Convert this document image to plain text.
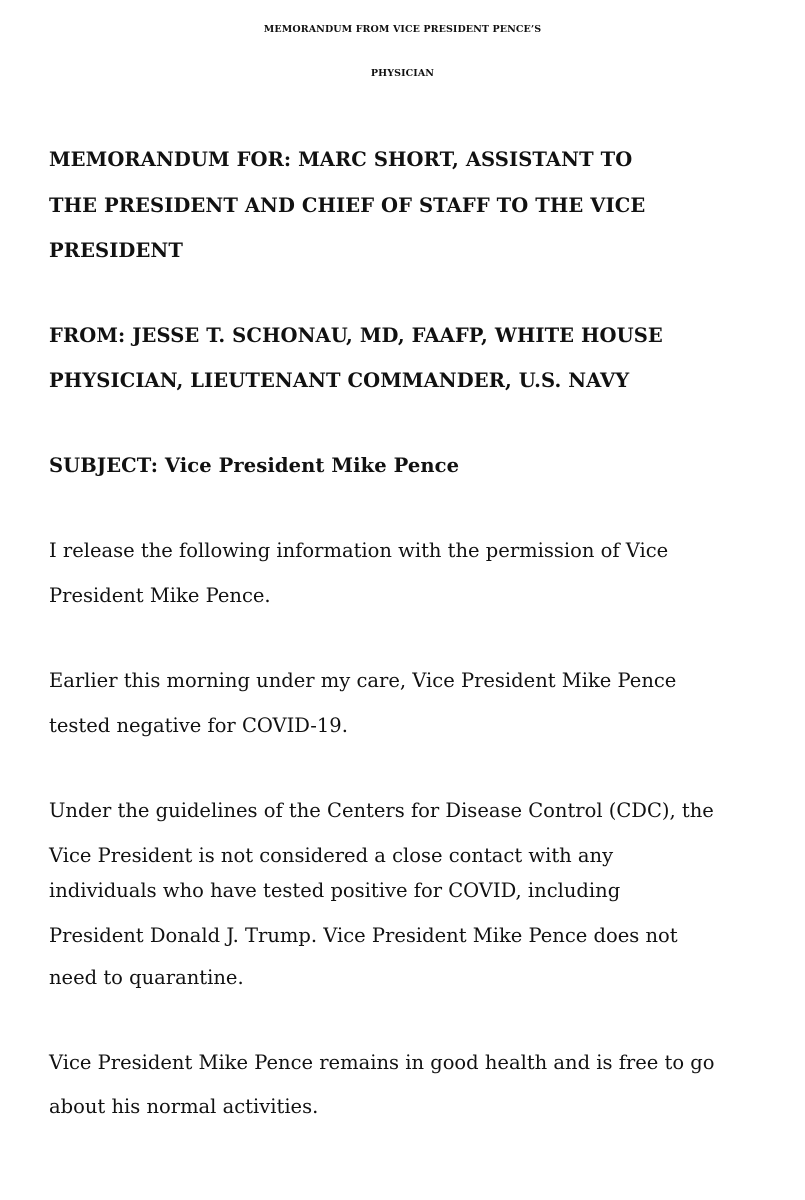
MEMORANDUM FROM VICE PRESIDENT PENCE’S
PHYSICIAN
MEMORANDUM FOR: MARC SHORT, ASSISTANT TO
THE PRESIDENT AND CHIEF OF STAFF TO THE VICE
PRESIDENT
FROM: JESSE T. SCHONAU, MD, FAAFP, WHITE HOUSE
PHYSICIAN, LIEUTENANT COMMANDER, U.S. NAVY
SUBJECT: Vice President Mike Pence
I release the following information with the permission of Vice
President Mike Pence.
Earlier this morning under my care, Vice President Mike Pence
tested negative for COVID-19.
Under the guidelines of the Centers for Disease Control (CDC), the
Vice President is not considered a close contact with any
individuals who have tested positive for COVID, including
President Donald J. Trump. Vice President Mike Pence does not
need to quarantine.
Vice President Mike Pence remains in good health and is free to go
about his normal activities.
